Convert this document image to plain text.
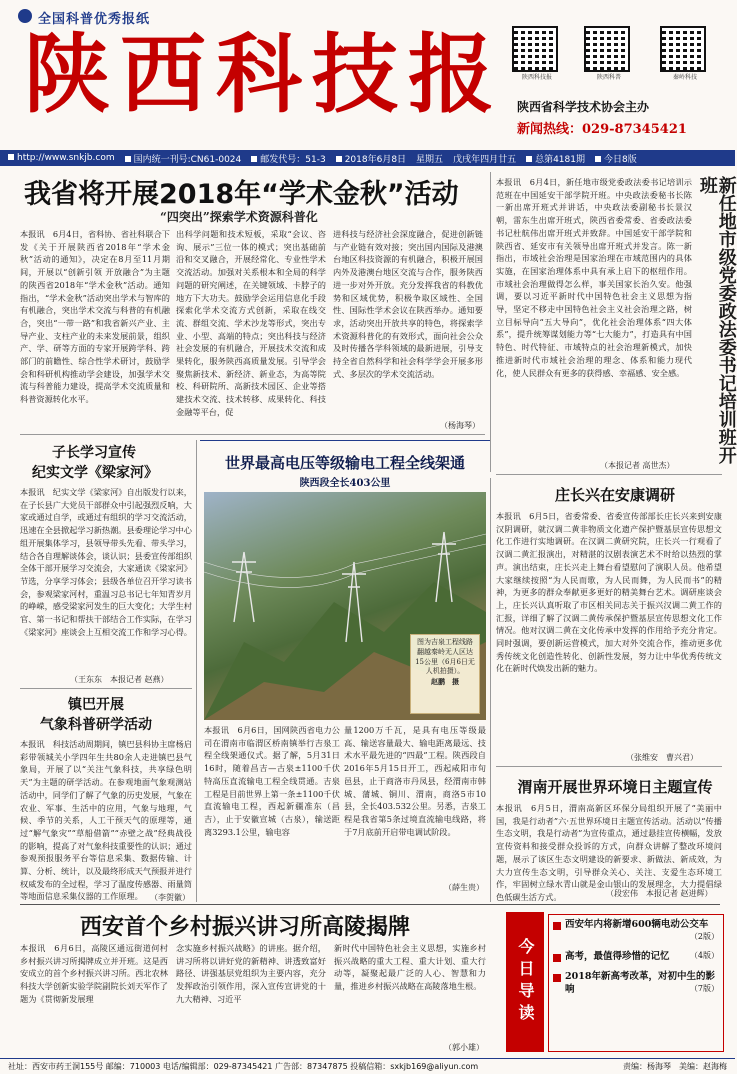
全国科普优秀报纸
陕西科技报	陕西科技报	陕西科普	秦岭科技
陕西省科学技术协会主办
新闻热线：029-87345421
http://www.snkjb.com	国内统一刊号:CN61-0024	邮发代号：51-3	2018年6月8日 星期五 戊戌年四月廿五	总第4181期	今日8版
我省将开展2018年“学术金秋”活动
“四突出”探索学术资源科普化
本报讯　6月4日，省科协、省社科联合下发《关于开展陕西省2018年“学术金秋”活动的通知》，决定在8月至11月期间，开展以“创新引领 开放融合”为主题的陕西省2018年“学术金秋”活动。通知指出，“学术金秋”活动突出学术与智库的有机融合，突出学术交流与科普的有机融合，突出“一带一路”和我省新兴产业、主导产业、支柱产业的未来发展前景，组织产、学、研等方面的专家开展跨学科、跨部门的前瞻性、综合性学术研讨，鼓励学会和科研机构推动学会建设，加强学术交流与科普能力建设，提高学术交流质量和科普资源转化水平。
出科学问题和技术短板，采取“会议、咨询、展示”三位一体的模式；突出基础前沿和交叉融合，开展经常化、专业性学术交流活动。加强对关系根本和全局的科学问题的研究阐述，在关键领域、卡脖子的地方下大功夫。鼓励学会运用信息化手段探索化学术交流方式创新，采取在线交流、群组交流、学术沙龙等形式，突出专业、小型、高端的特点；突出科技与经济社会发展的有机融合，开展技术交流和成果转化，服务陕西高质量发展。引导学会聚焦新技术、新经济、新业态，为高等院校、科研院所、高新技术园区、企业等搭建技术交流、技术转移、成果转化、科技金融等平台，促
进科技与经济社会深度融合，促进创新链与产业链有效对接；突出国内国际及港澳台地区科技资源的有机融合，积极开展国内外及港澳台地区交流与合作，服务陕西进一步对外开放。充分发挥我省的科教优势和区域优势，积极争取区域性、全国性、国际性学术会议在陕西举办。通知要求，活动突出开放共享的特色，将探索学术资源科普化的有效形式，面向社会公众及时传播各学科领域的最新进展，引导支持全省自然科学和社会科学学会开展多形式、多层次的学术交流活动。
（杨海琴）
本报讯　6月4日，新任地市级党委政法委书记培训示范班在中国延安干部学院开班。中央政法委秘书长陈一新出席开班式并讲话，中央政法委副秘书长景汉朝，雷东生出席开班式，陕西省委常委、省委政法委书记杜航伟出席开班式并致辞。中国延安干部学院和陕西省、延安市有关领导出席开班式并发言。陈一新指出，市域社会治理是国家治理在市域范围内的具体实施，在国家治理体系中具有承上启下的枢纽作用。市域社会治理做得怎么样，事关国家长治久安。他强调，要以习近平新时代中国特色社会主义思想为指导，坚定不移走中国特色社会主义社会治理之路，树立目标导向“五大导向”，优化社会治理体系“四大体系”，提升统筹谋划能力等“七大能力”，打造具有中国特色、时代特征、市域特点的社会治理新模式，加快推进新时代市域社会治理的理念、体系和能力现代化，使人民群众有更多的获得感、幸福感、安全感。	新任地市级党委政法委书记培训班开班
（本报记者 高世杰）
子长学习宣传
纪实文学《梁家河》
本报讯　纪实文学《梁家河》自出版发行以来，在子长县广大党员干部群众中引起强烈反响，大家或通过自学，或通过有组织的学习交流活动，迅速在全县掀起学习新热潮。县委理论学习中心组开展集体学习，县领导带头先看、带头学习，结合各自理解谈体会，谈认识；县委宣传部组织全体干部开展学习交流会，大家通读《梁家河》节选，分享学习体会；县级各单位召开学习读书会，参观梁家河村，重温习总书记七年知青岁月的峥嵘，感受梁家河发生的巨大变化；大学生村官、第一书记和帮扶干部结合工作实际，在学习《梁家河》座谈会上互相交流工作和学习心得。
（王东东　本报记者 赵燕）
镇巴开展
气象科普研学活动
本报讯　科技活动周期间，镇巴县科协主席杨启彩带领城关小学四年生共80余人走进镇巴县气象局，开展了以“关注气象科技，共享绿色明天”为主题的研学活动。在参观地面气象观测站活动中，同学们了解了气象的历史发展，气象在农业、军事、生活中的应用，气象与地理，气候、季节的关系，人工干预天气的原理等，通过“解气象灾”“草船借箭”“赤壁之战”经典战役的影响，提高了对气象科技重要性的认识；通过参观预报服务平台等信息采集、数据传输、计算、分析、统计，以及最终形成天气预报并进行权威发布的全过程，学习了温度传感器、雨量筒等地面信息采集仪器的工作原理。 （李贺徽）
世界最高电压等级输电工程全线架通
陕西段全长403公里
图为吉泉工程线路翻越秦岭无人区达15公里（6月6日无人机拍摄）。
赵鹏　摄
本报讯　6月6日，国网陕西省电力公司在渭南市临渭区桥南镇举行吉泉工程全线架通仪式。据了解，5月31日16时，随着昌吉—古泉±1100千伏特高压直流输电工程全线贯通。吉泉工程是目前世界上第一条±1100千伏直流输电工程，西起新疆准东（昌吉），止于安徽宣城（古泉），输送距离3293.1公里，输电容
量1200万千瓦，是具有电压等级最高、输送容量最大、输电距离最远、技术水平最先进的“四最”工程。陕西段自2016年5月15日开工，西起咸阳市旬邑县，止于商洛市丹凤县，经渭南市韩城、蒲城、铜川、渭南，商洛5市10县，全长403.532公里。另悉，吉泉工程是我省第5条过境直流输电线路，将于7月底前开启带电调试阶段。
（薛生贵）
庄长兴在安康调研
本报讯　6月5日，省委常委、省委宣传部部长庄长兴来到安康汉阴调研，就汉调二黄非物质文化遗产保护暨基层宣传思想文化工作进行实地调研。在汉调二黄研究院，庄长兴一行观看了汉调二黄汇报演出，对精湛的汉剧表演艺术不时给以热烈的掌声。演出结束，庄长兴走上舞台看望慰问了演职人员。他希望大家继续按照“为人民而歌，为人民而舞，为人民而书”的精神，为更多的群众奉献更多更好的精美舞台艺术。调研座谈会上，庄长兴认真听取了市区相关同志关于振兴汉调二黄工作的汇报，详细了解了汉调二黄传承保护暨基层宣传思想文化工作情况。他对汉调二黄在文化传承中发挥的作用给予充分肯定。同时强调，要创新运营模式，加大对外交流合作，推动更多优秀传统文化创造性转化、创新性发展，努力让中华优秀传统文化在新时代焕发出新的魅力。
（张维安　曹兴君）
渭南开展世界环境日主题宣传
本报讯　6月5日，渭南高新区环保分局组织开展了“美丽中国，我是行动者”六·五世界环境日主题宣传活动。活动以“传播生态文明，我是行动者”为宣传重点，通过悬挂宣传横幅，发放宣传资料和接受群众投诉的方式，向群众讲解了整改环境问题，展示了该区生态文明建设的新要求、新做法、新成效，为大力宣传生态文明，引导群众关心、关注、支爱生态环境工作，牢固树立绿水青山就是金山银山的发展理念，大力提倡绿色低碳生活方式。	（段宏伟　本报记者 赵进辉）
西安首个乡村振兴讲习所高陵揭牌
本报讯　6月6日，高陵区通远街道何村乡村振兴讲习所揭牌成立并开班。这是西安成立的首个乡村振兴讲习所。西北农林科技大学创新实验学院副院长刘天军作了题为《贯彻新发展理
念实施乡村振兴战略》的讲座。据介绍，讲习所将以讲好党的新精神、讲透致富好路径、讲强基层党组织为主要内容，充分发挥政治引领作用，深入宣传宣讲党的十九大精神、习近平
新时代中国特色社会主义思想，实施乡村振兴战略的重大工程、重大计划、重大行动等，凝聚起最广泛的人心、智慧和力量，推进乡村振兴战略在高陵落地生根。
（郭小雄）
今日导读
西安年内将新增600辆电动公交车
（2版）
高考，最值得珍惜的记忆	（4版）
2018年新高考改革，对初中生的影响	（7版）
社址：西安市药王洞155号 邮编：710003 电话/编辑部：029-87345421 广告部：87347875 投稿信箱：sxkjb169@aliyun.com	责编：杨海琴　美编：赵海梅
